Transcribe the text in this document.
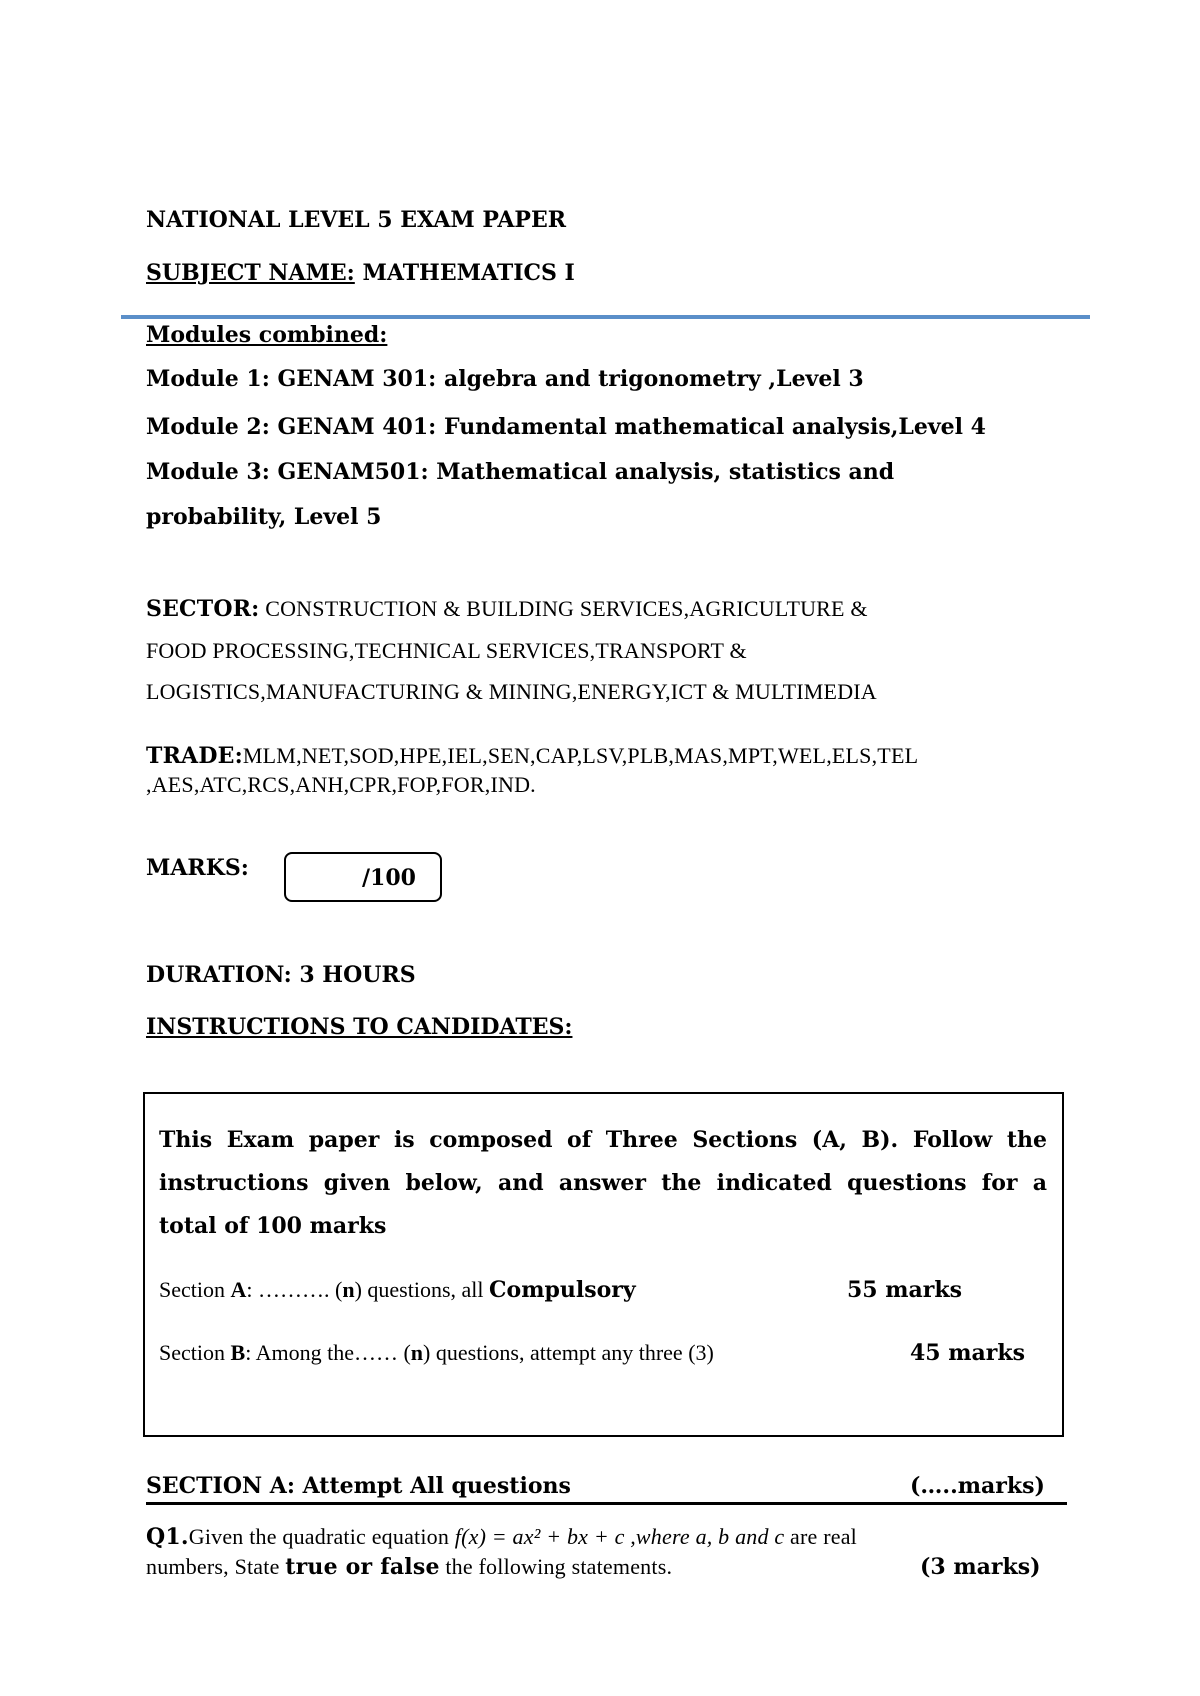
NATIONAL LEVEL 5 EXAM PAPER
SUBJECT NAME: MATHEMATICS I
Modules combined:
Module 1: GENAM 301: algebra and trigonometry ,Level 3
Module 2: GENAM 401: Fundamental mathematical analysis,Level 4
Module 3: GENAM501: Mathematical analysis, statistics and
probability, Level 5
SECTOR: CONSTRUCTION & BUILDING SERVICES,AGRICULTURE &
FOOD PROCESSING,TECHNICAL SERVICES,TRANSPORT &
LOGISTICS,MANUFACTURING & MINING,ENERGY,ICT & MULTIMEDIA
TRADE:MLM,NET,SOD,HPE,IEL,SEN,CAP,LSV,PLB,MAS,MPT,WEL,ELS,TEL
,AES,ATC,RCS,ANH,CPR,FOP,FOR,IND.
MARKS:	/100
DURATION: 3 HOURS
INSTRUCTIONS TO CANDIDATES:
This Exam paper is composed of Three Sections (A, B). Follow the
instructions given below, and answer the indicated questions for a
total of 100 marks
Section A: ………. (n) questions, all Compulsory	55 marks
Section B: Among the…… (n) questions, attempt any three (3)	45 marks
SECTION A: Attempt All questions	(…..marks)
Q1.Given the quadratic equation f(x) = ax² + bx + c ,where a, b and c are real
numbers, State true or false the following statements.	(3 marks)
